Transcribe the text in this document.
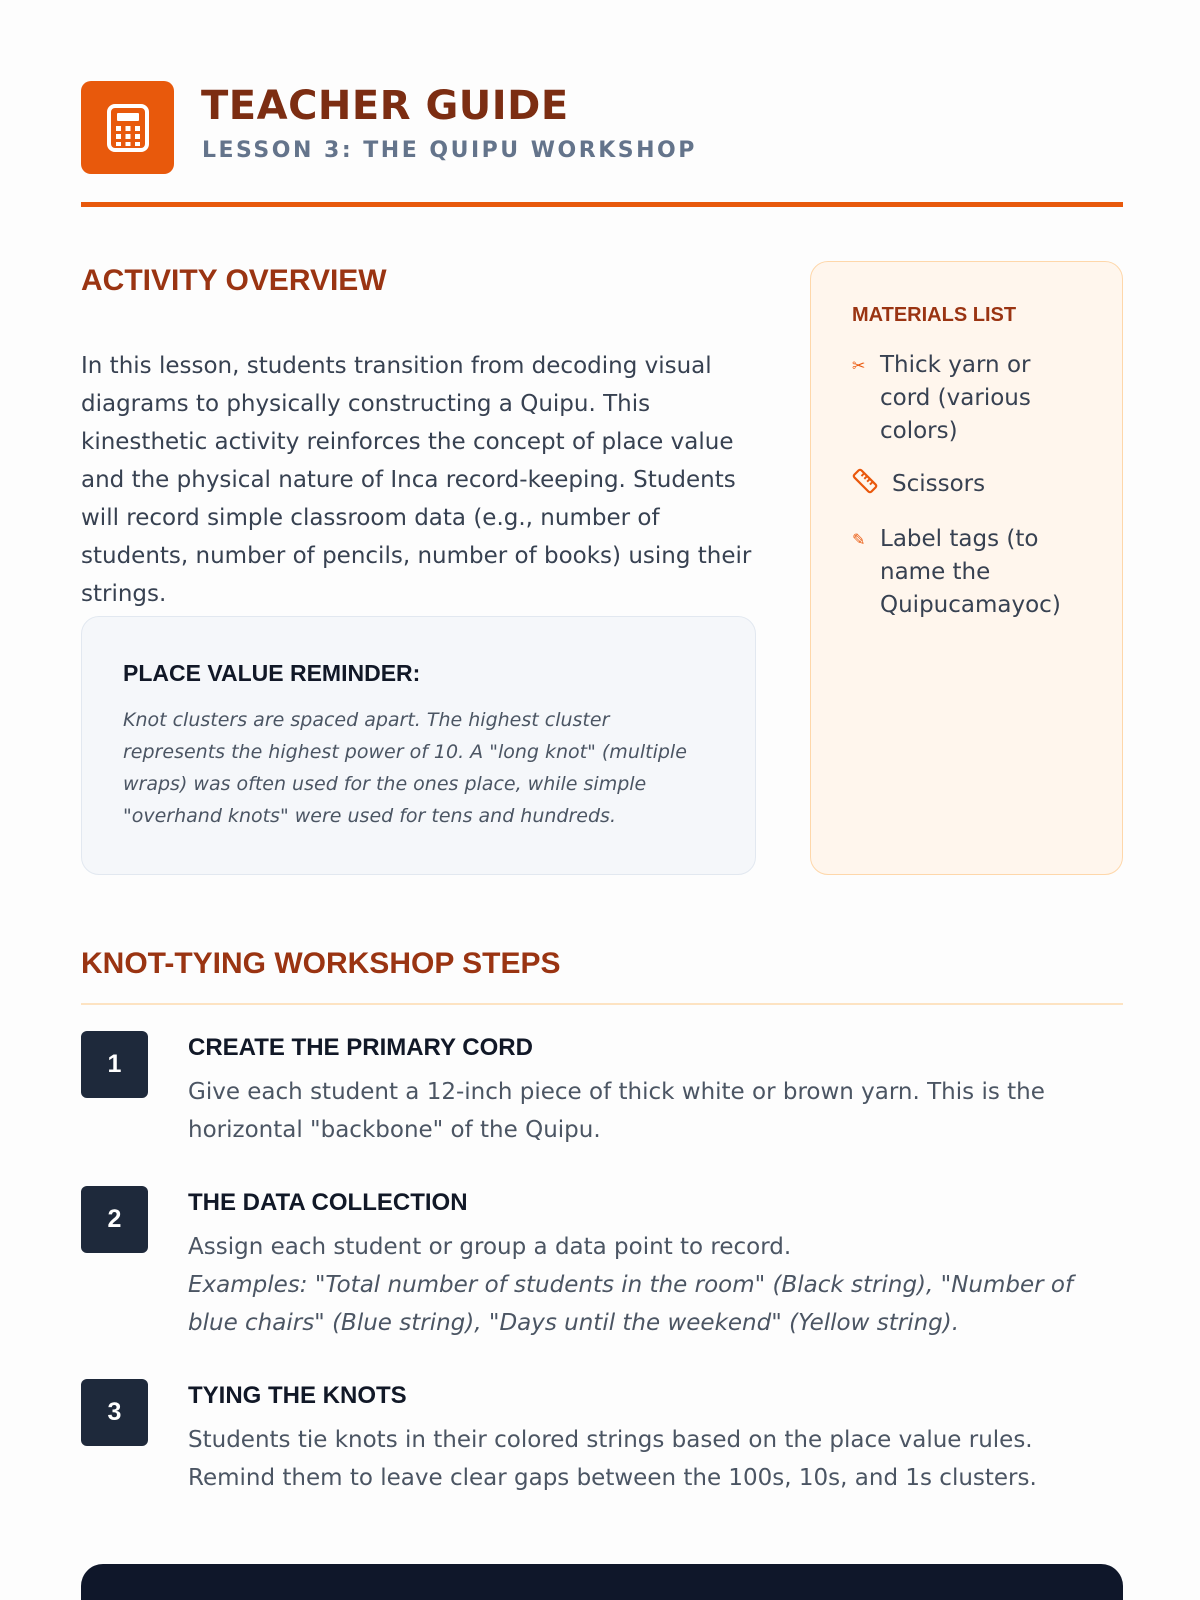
TEACHER GUIDE
LESSON 3: THE QUIPU WORKSHOP
ACTIVITY OVERVIEW

In this lesson, students transition from decoding visual diagrams to physically constructing a Quipu. This kinesthetic activity reinforces the concept of place value and the physical nature of Inca record-keeping. Students will record simple classroom data (e.g., number of students, number of pencils, number of books) using their strings.

PLACE VALUE REMINDER:

Knot clusters are spaced apart. The highest cluster represents the highest power of 10. A "long knot" (multiple wraps) was often used for the ones place, while simple "overhand knots" were used for tens and hundreds.

MATERIALS LIST
✂ Thick yarn or cord (various colors)
Scissors
✎ Label tags (to name the Quipucamayoc)
KNOT-TYING WORKSHOP STEPS
1
CREATE THE PRIMARY CORD
Give each student a 12-inch piece of thick white or brown yarn. This is the horizontal "backbone" of the Quipu.
2
THE DATA COLLECTION
Assign each student or group a data point to record.
Examples: "Total number of students in the room" (Black string), "Number of blue chairs" (Blue string), "Days until the weekend" (Yellow string).
3
TYING THE KNOTS
Students tie knots in their colored strings based on the place value rules. Remind them to leave clear gaps between the 100s, 10s, and 1s clusters.
